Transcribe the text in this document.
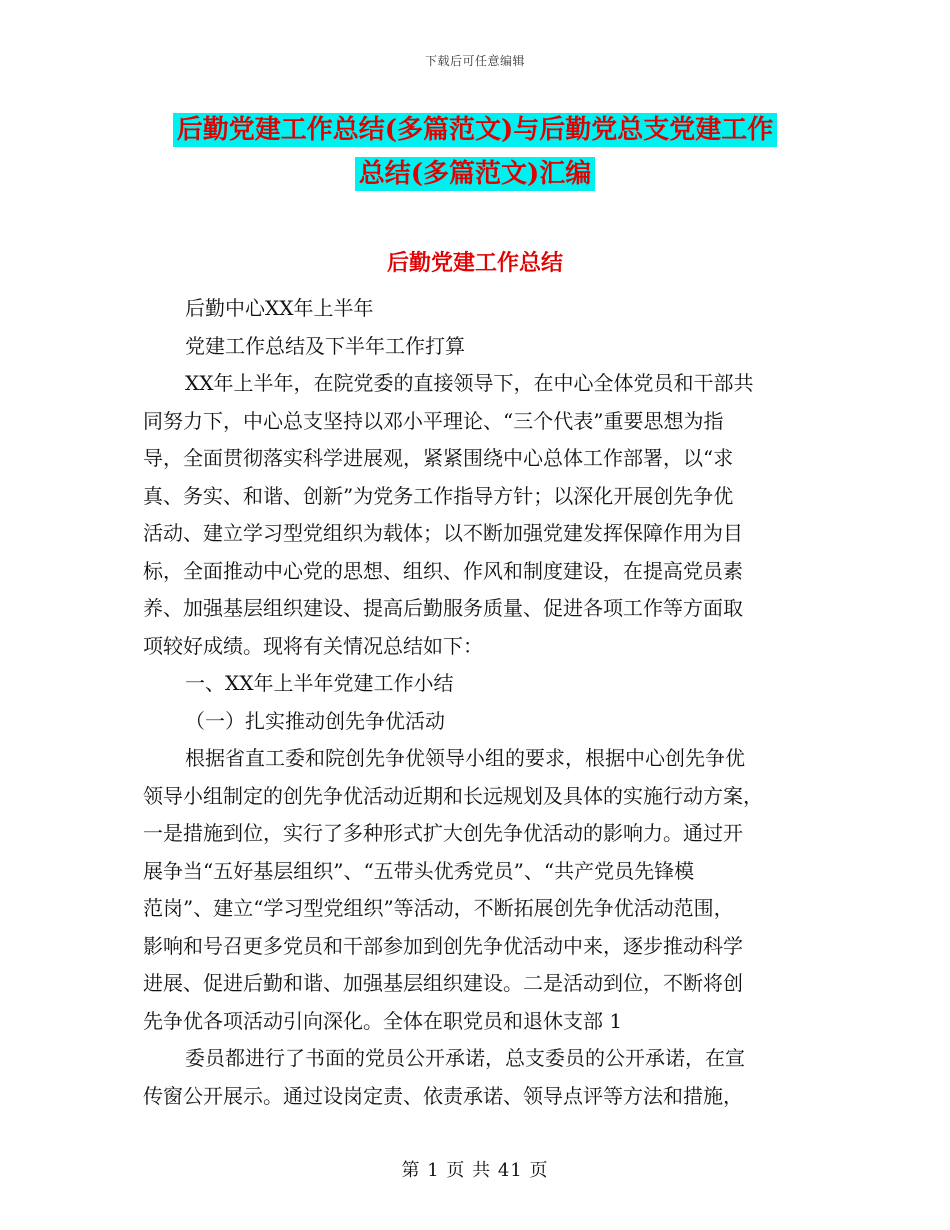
下载后可任意编辑
后勤党建工作总结(多篇范文)与后勤党总支党建工作
总结(多篇范文)汇编
后勤党建工作总结
后勤中心XX年上半年
党建工作总结及下半年工作打算
XX年上半年，在院党委的直接领导下，在中心全体党员和干部共
同努力下，中心总支坚持以邓小平理论、“三个代表”重要思想为指
导，全面贯彻落实科学进展观，紧紧围绕中心总体工作部署，以“求
真、务实、和谐、创新”为党务工作指导方针；以深化开展创先争优
活动、建立学习型党组织为载体；以不断加强党建发挥保障作用为目
标，全面推动中心党的思想、组织、作风和制度建设，在提高党员素
养、加强基层组织建设、提高后勤服务质量、促进各项工作等方面取
项较好成绩。现将有关情况总结如下：
一、XX年上半年党建工作小结
（一）扎实推动创先争优活动
根据省直工委和院创先争优领导小组的要求，根据中心创先争优
领导小组制定的创先争优活动近期和长远规划及具体的实施行动方案，
一是措施到位，实行了多种形式扩大创先争优活动的影响力。通过开
展争当“五好基层组织”、“五带头优秀党员”、“共产党员先锋模
范岗”、建立“学习型党组织”等活动，不断拓展创先争优活动范围，
影响和号召更多党员和干部参加到创先争优活动中来，逐步推动科学
进展、促进后勤和谐、加强基层组织建设。二是活动到位，不断将创
先争优各项活动引向深化。全体在职党员和退休支部 1
委员都进行了书面的党员公开承诺，总支委员的公开承诺，在宣
传窗公开展示。通过设岗定责、依责承诺、领导点评等方法和措施，
第 1 页 共 41 页
